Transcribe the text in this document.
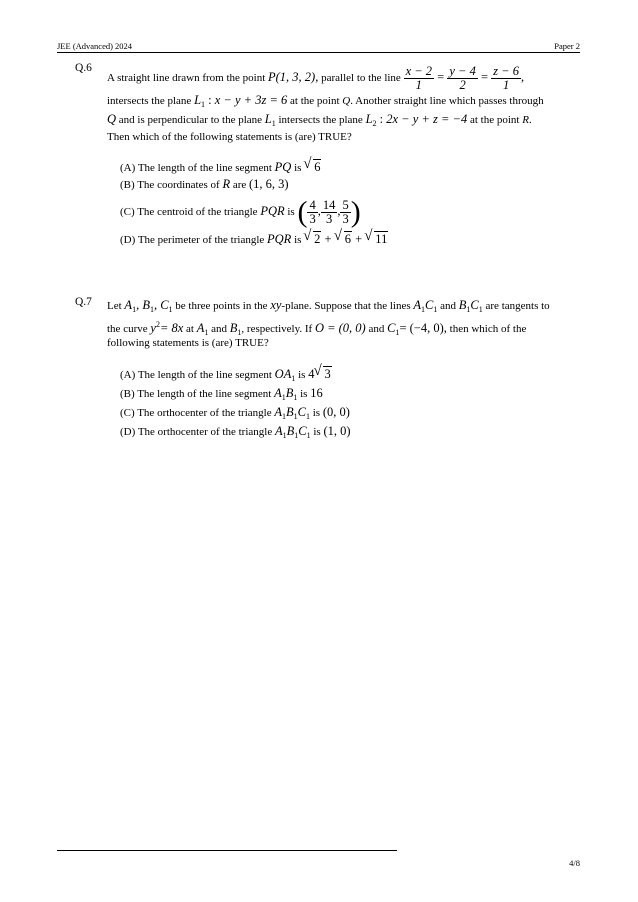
JEE (Advanced) 2024	Paper 2
Q.6
A straight line drawn from the point P(1, 3, 2), parallel to the line $\frac{x - 2}{1} = \frac{y - 4}{2} = \frac{z - 6}{1}$ ,
intersects the plane $L_1$ : x − y + 3z = 6 at the point Q. Another straight line which passes through
Q and is perpendicular to the plane $L_1$ intersects the plane $L_2$ : 2x − y + z = −4 at the point R.
Then which of the following statements is (are) TRUE?
(A) The length of the line segment PQ is √ 6
(B) The coordinates of R are (1, 6, 3)
(C) The centroid of the triangle PQR is ( $\frac{4}{3}$ , $\frac{14}{3}$ , $\frac{5}{3}$ )
(D) The perimeter of the triangle PQR is √ 2 + √ 6 + √ 11
Q.7 Let $A_1$, $B_1$, $C_1$ be three points in the xy-plane. Suppose that the lines $A_1C_1$ and $B_1C_1$ are tangents to
the curve $y^2= 8x$ at $A_1$ and $B_1$, respectively. If O = (0, 0) and $C_1= (-4$, 0), then which of the
following statements is (are) TRUE?
(A) The length of the line segment $OA_1$ is 4 √ 3
(B) The length of the line segment $A_1B_1$ is 16
(C) The orthocenter of the triangle $A_1B_1C_1$ is (0, 0)
(D) The orthocenter of the triangle $A_1B_1C_1$ is (1, 0)
4/8
